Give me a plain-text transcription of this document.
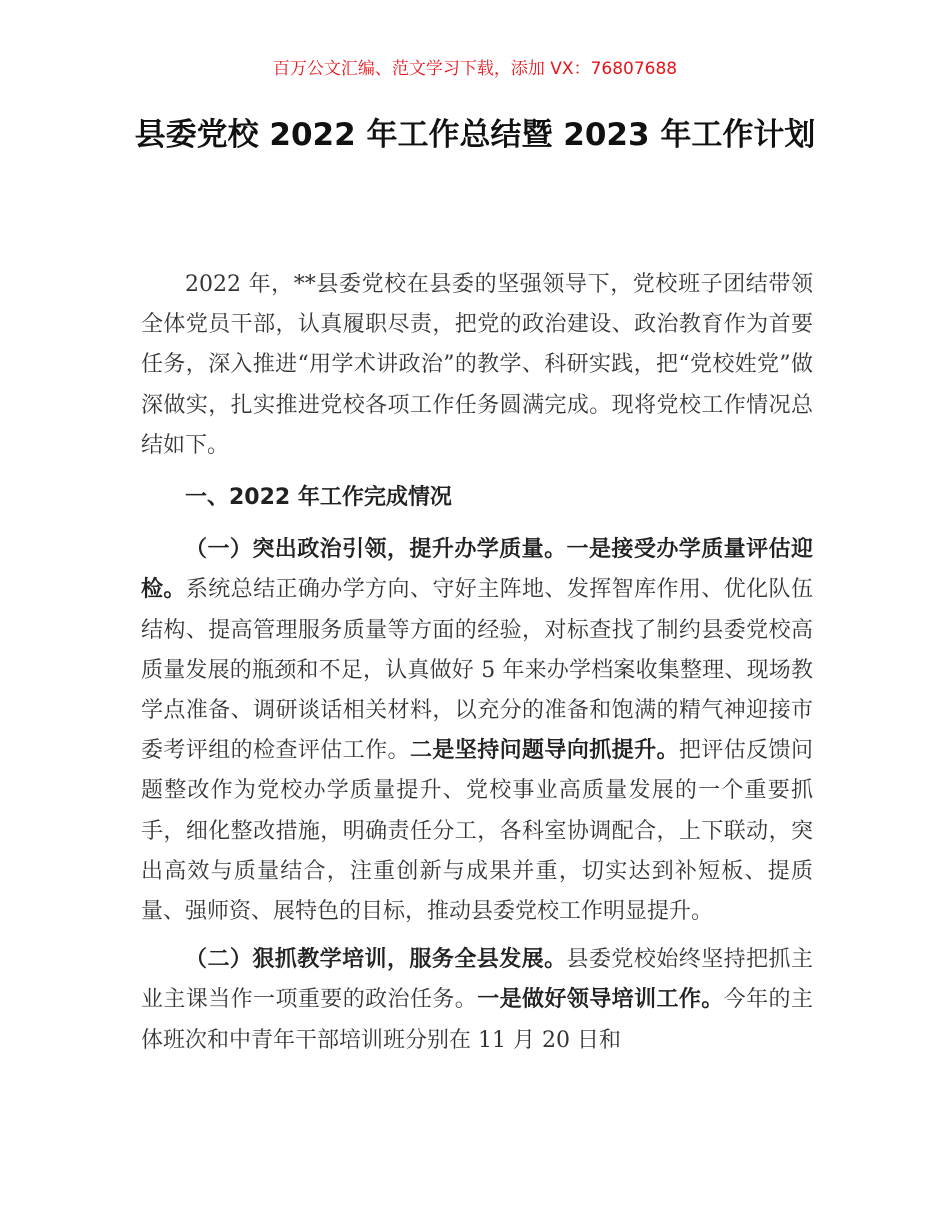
百万公文汇编、范文学习下载，添加 VX：76807688
县委党校 2022 年工作总结暨 2023 年工作计划

2022 年，**县委党校在县委的坚强领导下，党校班子团结带领全体党员干部，认真履职尽责，把党的政治建设、政治教育作为首要任务，深入推进“用学术讲政治”的教学、科研实践，把“党校姓党”做深做实，扎实推进党校各项工作任务圆满完成。现将党校工作情况总结如下。

一、2022 年工作完成情况

（一）突出政治引领，提升办学质量。一是接受办学质量评估迎检。系统总结正确办学方向、守好主阵地、发挥智库作用、优化队伍结构、提高管理服务质量等方面的经验，对标查找了制约县委党校高质量发展的瓶颈和不足，认真做好 5 年来办学档案收集整理、现场教学点准备、调研谈话相关材料，以充分的准备和饱满的精气神迎接市委考评组的检查评估工作。二是坚持问题导向抓提升。把评估反馈问题整改作为党校办学质量提升、党校事业高质量发展的一个重要抓手，细化整改措施，明确责任分工，各科室协调配合，上下联动，突出高效与质量结合，注重创新与成果并重，切实达到补短板、提质量、强师资、展特色的目标，推动县委党校工作明显提升。

（二）狠抓教学培训，服务全县发展。县委党校始终坚持把抓主业主课当作一项重要的政治任务。一是做好领导培训工作。今年的主体班次和中青年干部培训班分别在 11 月 20 日和
